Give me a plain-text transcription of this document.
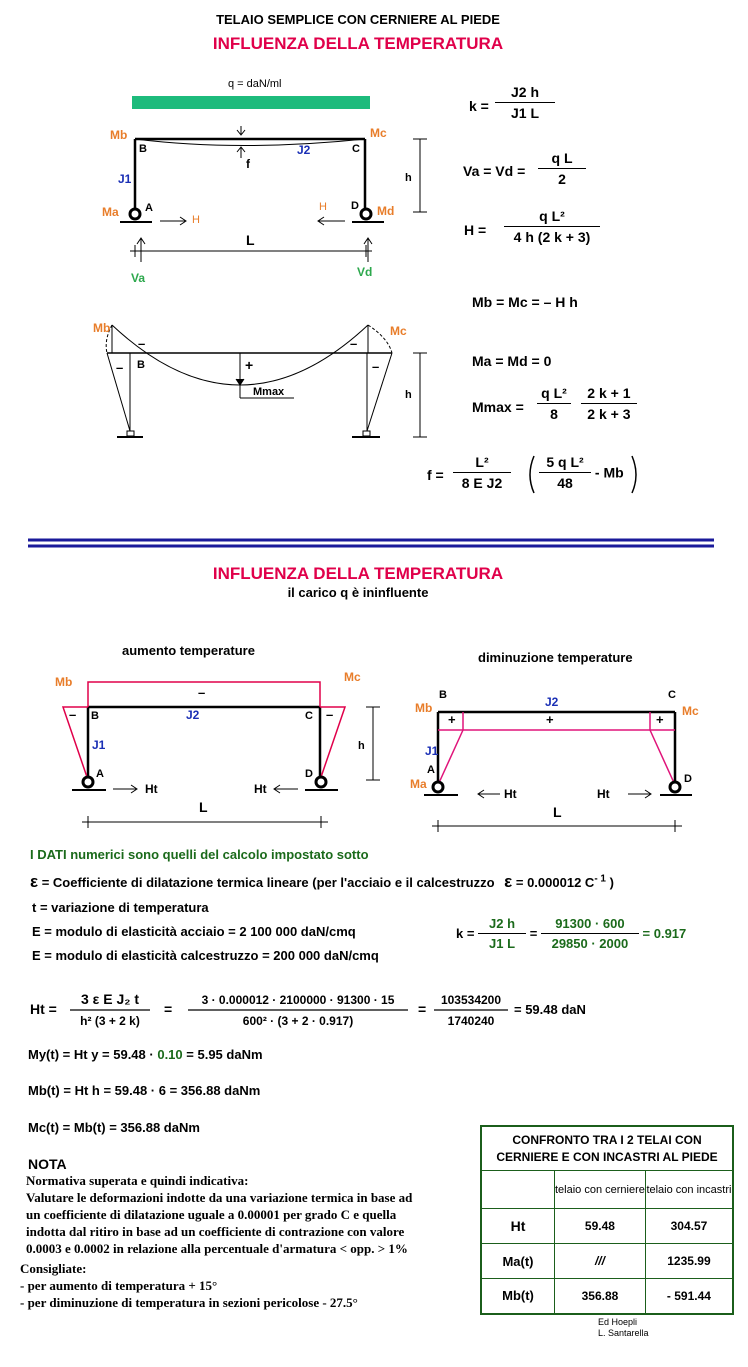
TELAIO SEMPLICE CON CERNIERE AL PIEDE
INFLUENZA DELLA TEMPERATURA
q = daN/ml
Mb	Mc
B	C
J1
J2
f
h
Ma	Md
A	D
H
H
L
Va	Vd
Mb	Mc
B
–	–
–	–
+
Mmax	h
$k = \frac{J2 h}{J1 L}$
$Va = Vd = \frac{\text{q L}}{2}$
$H = \frac{\text{q L²}}{4 h (2 k + 3)}$
Mb = Mc = – H h
Ma = Md = 0
$Mmax = \frac{\text{q L²}}{8}$
$\frac{2 k + 1}{2 k + 3}$
$f = \frac{\text{L²}}{\text{8 E J2}} \frac{\text{5 q L²}}{48} - Mb$
INFLUENZA DELLA TEMPERATURA
il carico q è ininfluente
aumento temperature	diminuzione temperature
Mb	Mc
–
–	–
B	C
J2
J1	h
A	D
Ht	Ht
L
B	C
Mb	Mc
J2
+	+	+
J1
A
Ma	D
Ht	Ht
L
I DATI numerici sono quelli del calcolo impostato sotto
ε = Coefficiente di dilatazione termica lineare (per l'acciaio e il calcestruzzo ε = 0.000012 $C^{- 1}$ )
t = variazione di temperatura
E = modulo di elasticità acciaio = 2 100 000 daN/cmq
E = modulo di elasticità calcestruzzo = 200 000 daN/cmq
$k = \frac{J2 h}{J1 L} = \frac{91300 \cdot 600}{29850 \cdot 2000} = 0.917$
Ht =
3 ε E J₂ t
h² (3 + 2 k)
=
3 · 0.000012 · 2100000 · 91300 · 15
600² · (3 + 2 · 0.917)
=
103534200
1740240
= 59.48 daN
My(t) = Ht y = 59.48 · 0.10 = 5.95 daNm
Mb(t) = Ht h = 59.48 · 6 = 356.88 daNm
Mc(t) = Mb(t) = 356.88 daNm
NOTA
Normativa superata e quindi indicativa:
Valutare le deformazioni indotte da una variazione termica in base ad
un coefficiente di dilatazione uguale a 0.00001 per grado C e quella
indotta dal ritiro in base ad un coefficiente di contrazione con valore
0.0003 e 0.0002 in relazione alla percentuale d'armatura < opp. > 1%
Consigliate:
- per aumento di temperatura + 15°
- per diminuzione di temperatura in sezioni pericolose - 27.5°
CONFRONTO TRA I 2 TELAI CON
CERNIERE E CON INCASTRI AL PIEDE		

	telaio con cerniere	telaio con incastri
Ht	59.48	304.57
Ma(t)	///	1235.99
Mb(t)	356.88	- 591.44
Ed Hoepli
L. Santarella
